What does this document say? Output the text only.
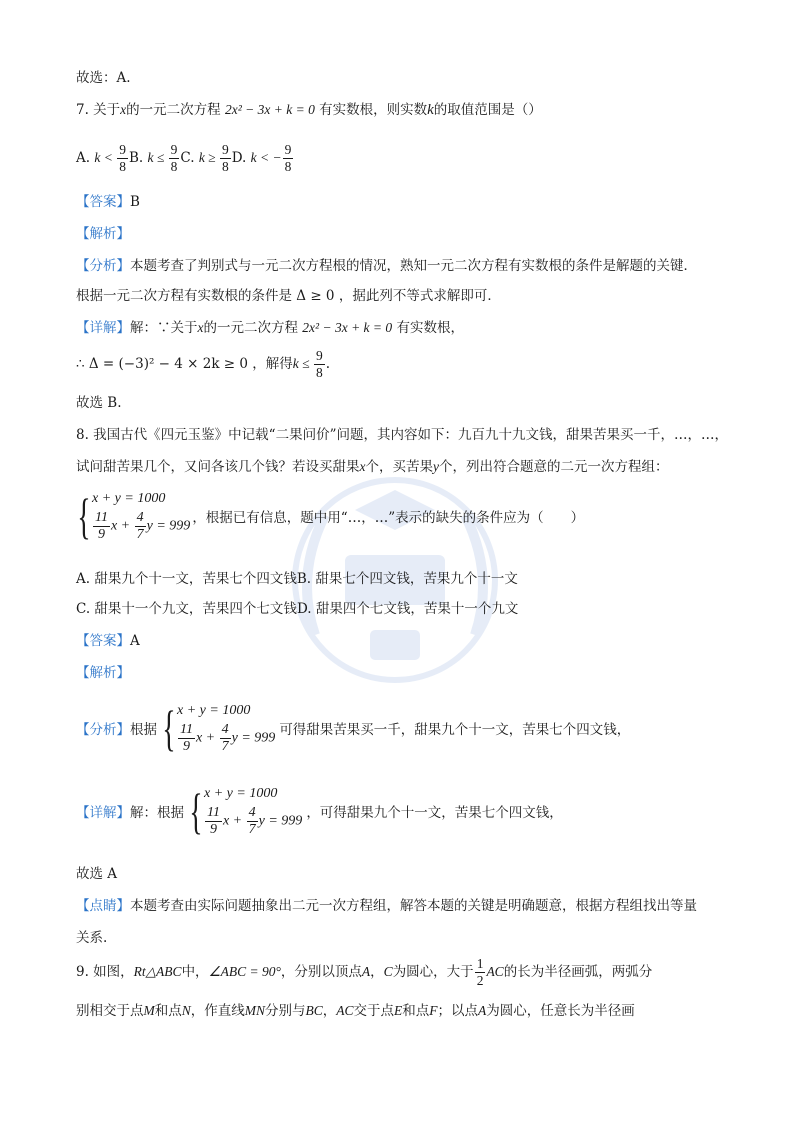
故选：A.
7. 关于x的一元二次方程 2x² − 3x + k = 0 有实数根，则实数k的取值范围是（）
A. $k < \frac{9}{8} B$. $k \le \frac{9}{8} C$. $k \ge \frac{9}{8} D$. k < − $\frac{9}{8}$
【答案】B
【解析】
【分析】本题考查了判别式与一元二次方程根的情况，熟知一元二次方程有实数根的条件是解题的关键．
根据一元二次方程有实数根的条件是 Δ ≥ 0 ，据此列不等式求解即可．
【详解】解：∵关于x的一元二次方程 2x² − 3x + k = 0 有实数根，
∴ Δ = (−3)² − 4 × 2k ≥ 0 ，解得$k \le \frac{9}{8}$ .
故选 B.
8. 我国古代《四元玉鉴》中记载“二果问价”问题，其内容如下：九百九十九文钱，甜果苦果买一千，…，…，
试问甜苦果几个，又问各该几个钱？若设买甜果x个，买苦果y个，列出符合题意的二元一次方程组：
{ x + y = 1000
$\frac{11}{9}$ $x + \frac{4}{7}$ y = 999
，根据已有信息，题中用“…，…”表示的缺失的条件应为（　　）
A. 甜果九个十一文，苦果七个四文钱B. 甜果七个四文钱，苦果九个十一文
C. 甜果十一个九文，苦果四个七文钱D. 甜果四个七文钱，苦果十一个九文
【答案】A
【解析】
【分析】 根据 { x + y = 1000
$\frac{11}{9}$ $x + \frac{4}{7}$ y = 999
可得甜果苦果买一千，甜果九个十一文，苦果七个四文钱，
【详解】 解：根据 { x + y = 1000
$\frac{11}{9}$ $x + \frac{4}{7}$ y = 999
，可得甜果九个十一文，苦果七个四文钱，
故选 A
【点睛】本题考查由实际问题抽象出二元一次方程组，解答本题的关键是明确题意，根据方程组找出等量
关系.
9. 如图，Rt△ABC中，∠ABC = 90°，分别以顶点A，C为圆心，大于 $\frac{1}{2}$ AC的长为半径画弧，两弧分
别相交于点M和点N，作直线MN分别与BC，AC交于点E和点F；以点A为圆心，任意长为半径画
